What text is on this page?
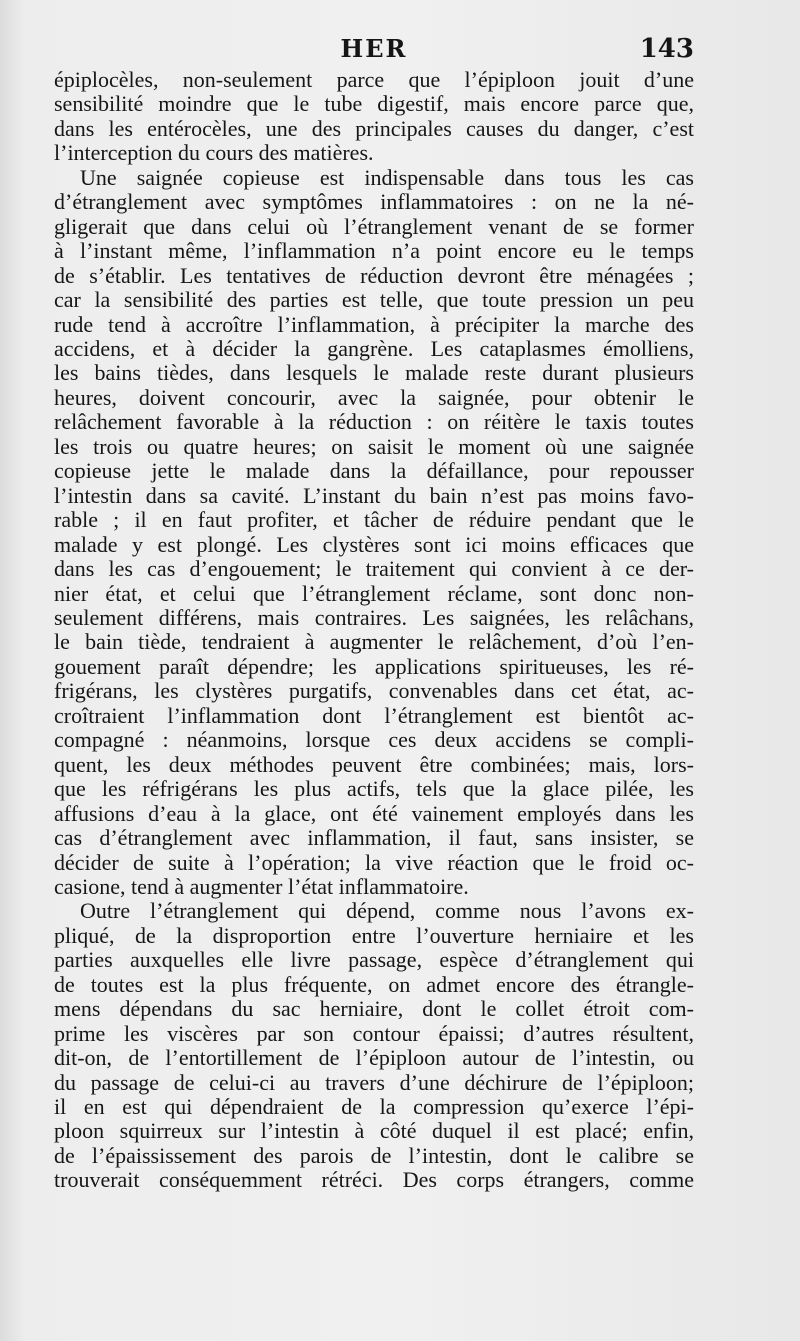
HER	143
épiplocèles, non-seulement parce que l’épiploon jouit d’une
sensibilité moindre que le tube digestif, mais encore parce que,
dans les entérocèles, une des principales causes du danger, c’est
l’interception du cours des matières.
Une saignée copieuse est indispensable dans tous les cas
d’étranglement avec symptômes inflammatoires : on ne la né-
gligerait que dans celui où l’étranglement venant de se former
à l’instant même, l’inflammation n’a point encore eu le temps
de s’établir. Les tentatives de réduction devront être ménagées ;
car la sensibilité des parties est telle, que toute pression un peu
rude tend à accroître l’inflammation, à précipiter la marche des
accidens, et à décider la gangrène. Les cataplasmes émolliens,
les bains tièdes, dans lesquels le malade reste durant plusieurs
heures, doivent concourir, avec la saignée, pour obtenir le
relâchement favorable à la réduction : on réitère le taxis toutes
les trois ou quatre heures; on saisit le moment où une saignée
copieuse jette le malade dans la défaillance, pour repousser
l’intestin dans sa cavité. L’instant du bain n’est pas moins favo-
rable ; il en faut profiter, et tâcher de réduire pendant que le
malade y est plongé. Les clystères sont ici moins efficaces que
dans les cas d’engouement; le traitement qui convient à ce der-
nier état, et celui que l’étranglement réclame, sont donc non-
seulement différens, mais contraires. Les saignées, les relâchans,
le bain tiède, tendraient à augmenter le relâchement, d’où l’en-
gouement paraît dépendre; les applications spiritueuses, les ré-
frigérans, les clystères purgatifs, convenables dans cet état, ac-
croîtraient l’inflammation dont l’étranglement est bientôt ac-
compagné : néanmoins, lorsque ces deux accidens se compli-
quent, les deux méthodes peuvent être combinées; mais, lors-
que les réfrigérans les plus actifs, tels que la glace pilée, les
affusions d’eau à la glace, ont été vainement employés dans les
cas d’étranglement avec inflammation, il faut, sans insister, se
décider de suite à l’opération; la vive réaction que le froid oc-
casione, tend à augmenter l’état inflammatoire.
Outre l’étranglement qui dépend, comme nous l’avons ex-
pliqué, de la disproportion entre l’ouverture herniaire et les
parties auxquelles elle livre passage, espèce d’étranglement qui
de toutes est la plus fréquente, on admet encore des étrangle-
mens dépendans du sac herniaire, dont le collet étroit com-
prime les viscères par son contour épaissi; d’autres résultent,
dit-on, de l’entortillement de l’épiploon autour de l’intestin, ou
du passage de celui-ci au travers d’une déchirure de l’épiploon;
il en est qui dépendraient de la compression qu’exerce l’épi-
ploon squirreux sur l’intestin à côté duquel il est placé; enfin,
de l’épaississement des parois de l’intestin, dont le calibre se
trouverait conséquemment rétréci. Des corps étrangers, comme
